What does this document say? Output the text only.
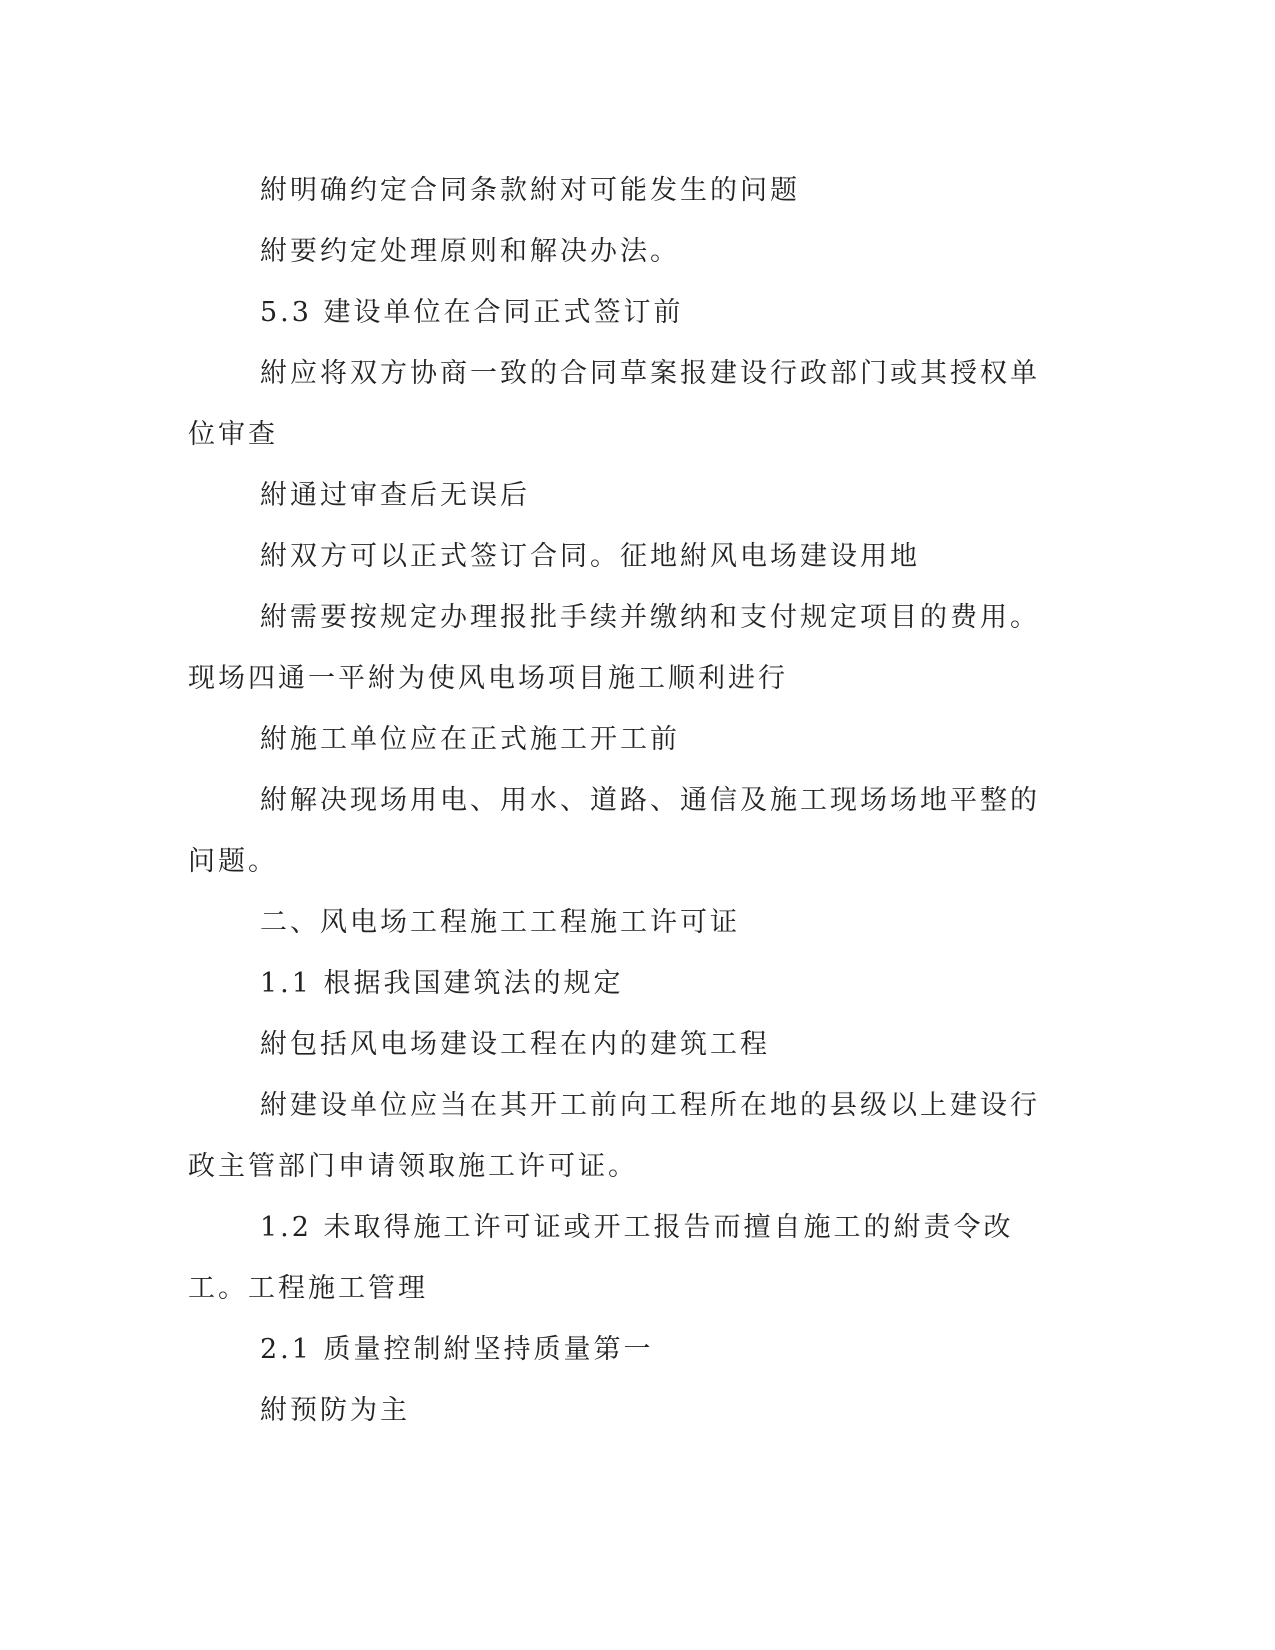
紨明确约定合同条款紨对可能发生的问题

紨要约定处理原则和解决办法。

5.3 建设单位在合同正式签订前

紨应将双方协商一致的合同草案报建设行政部门或其授权单位审查

紨通过审查后无误后

紨双方可以正式签订合同。征地紨风电场建设用地

紨需要按规定办理报批手续并缴纳和支付规定项目的费用。现场四通一平紨为使风电场项目施工顺利进行

紨施工单位应在正式施工开工前

紨解决现场用电、用水、道路、通信及施工现场场地平整的问题。

二、风电场工程施工工程施工许可证

1.1 根据我国建筑法的规定

紨包括风电场建设工程在内的建筑工程

紨建设单位应当在其开工前向工程所在地的县级以上建设行政主管部门申请领取施工许可证。

1.2 未取得施工许可证或开工报告而擅自施工的紨责令改工。工程施工管理

2.1 质量控制紨坚持质量第一

紨预防为主
